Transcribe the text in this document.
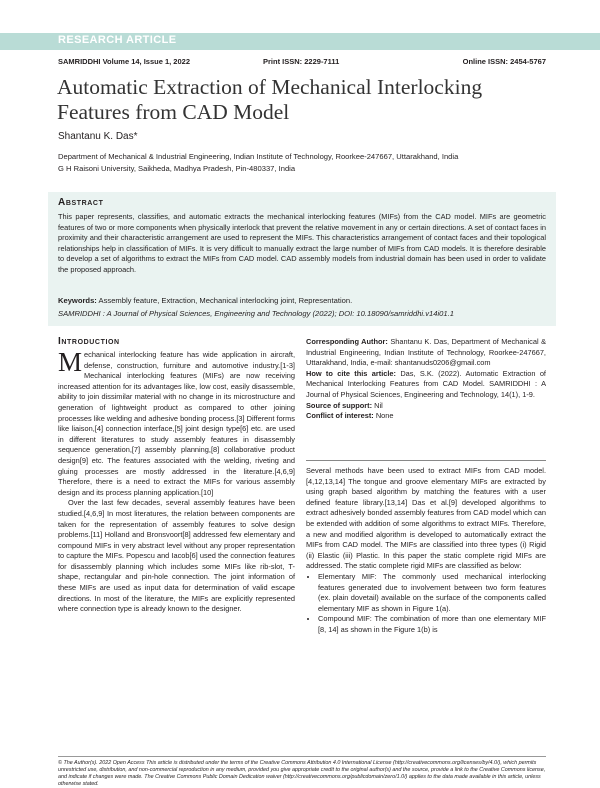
RESEARCH ARTICLE
SAMRIDDHI Volume 14, Issue 1, 2022	Print ISSN: 2229-7111	Online ISSN: 2454-5767
Automatic Extraction of Mechanical Interlocking Features from CAD Model
Shantanu K. Das*
Department of Mechanical & Industrial Engineering, Indian Institute of Technology, Roorkee-247667, Uttarakhand, India
G H Raisoni University, Saikheda, Madhya Pradesh, Pin-480337, India
Abstract
This paper represents, classifies, and automatic extracts the mechanical interlocking features (MIFs) from the CAD model. MIFs are geometric features of two or more components when physically interlock that prevent the relative movement in any or certain directions. A set of contact faces in proximity and their characteristic arrangement are used to represent the MIFs. This characteristics arrangement of contact faces and their topological relationships help in classification of MIFs. It is very difficult to manually extract the large number of MIFs from CAD models. It is therefore desirable to develop a set of algorithms to extract the MIFs from CAD model. CAD assembly models from industrial domain has been used in order to validate the proposed approach.
Keywords: Assembly feature, Extraction, Mechanical interlocking joint, Representation.
SAMRIDDHI : A Journal of Physical Sciences, Engineering and Technology (2022); DOI: 10.18090/samriddhi.v14i01.1
Introduction

Mechanical interlocking feature has wide application in aircraft, defense, construction, furniture and automotive industry.[1-3] Mechanical interlocking features (MIFs) are now receiving increased attention for its advantages like, low cost, easily disassemble, ability to join dissimilar material with no change in its microstructure and generation of lightweight product as compared to other joining processes like welding and adhesive bonding process.[3] Different forms like liaison,[4] connection interface,[5] joint design type[6] etc. are used in different literatures to study assembly features in disassembly sequence generation,[7] assembly planning,[8] collaborative product design[9] etc. The features associated with the welding, riveting and gluing processes are mostly addressed in the literature.[4,6,9] Therefore, there is a need to extract the MIFs for various assembly design and its process planning application.[10]

Over the last few decades, several assembly features have been studied.[4,6,9] In most literatures, the relation between components are taken for the representation of assembly features to solve design problems.[11] Holland and Bronsvoort[8] addressed few elementary and compound MIFs in very abstract level without any proper representation to capture the MIFs. Popescu and Iacob[6] used the connection features for disassembly planning which includes some MIFs like rib-slot, T-shape, rectangular and pin-hole connection. The joint information of these MIFs are used as input data for determination of valid escape directions. In most of the literature, the MIFs are explicitly represented where connection type is already known to the designer.

Corresponding Author: Shantanu K. Das, Department of Mechanical & Industrial Engineering, Indian Institute of Technology, Roorkee-247667, Uttarakhand, India, e-mail: shantanuds0206@gmail.com

How to cite this article: Das, S.K. (2022). Automatic Extraction of Mechanical Interlocking Features from CAD Model. SAMRIDDHI : A Journal of Physical Sciences, Engineering and Technology, 14(1), 1-9.

Source of support: Nil

Conflict of interest: None

Several methods have been used to extract MIFs from CAD model.[4,12,13,14] The tongue and groove elementary MIFs are extracted by using graph based algorithm by matching the features with a user defined feature library.[13,14] Das et al.[9] developed algorithms to extract adhesively bonded assembly features from CAD model which can be extended with addition of some algorithms to extract MIFs. Therefore, a new and modified algorithm is developed to automatically extract the MIFs from CAD model. The MIFs are classified into three types (i) Rigid (ii) Elastic (iii) Plastic. In this paper the static complete rigid MIFs are addressed. The static complete rigid MIFs are classified as below:

• Elementary MIF: The commonly used mechanical interlocking features generated due to involvement between two form features (ex. plain dovetail) available on the surface of the components called elementary MIF as shown in Figure 1(a).
• Compound MIF: The combination of more than one elementary MIF [8, 14] as shown in the Figure 1(b) is
© The Author(s). 2022 Open Access This article is distributed under the terms of the Creative Commons Attribution 4.0 International License (http://creativecommons.org/licenses/by/4.0/), which permits unrestricted use, distribution, and non-commercial reproduction in any medium, provided you give appropriate credit to the original author(s) and the source, provide a link to the Creative Commons license, and indicate if changes were made. The Creative Commons Public Domain Dedication waiver (http://creativecommons.org/publicdomain/zero/1.0/) applies to the data made available in this article, unless otherwise stated.
